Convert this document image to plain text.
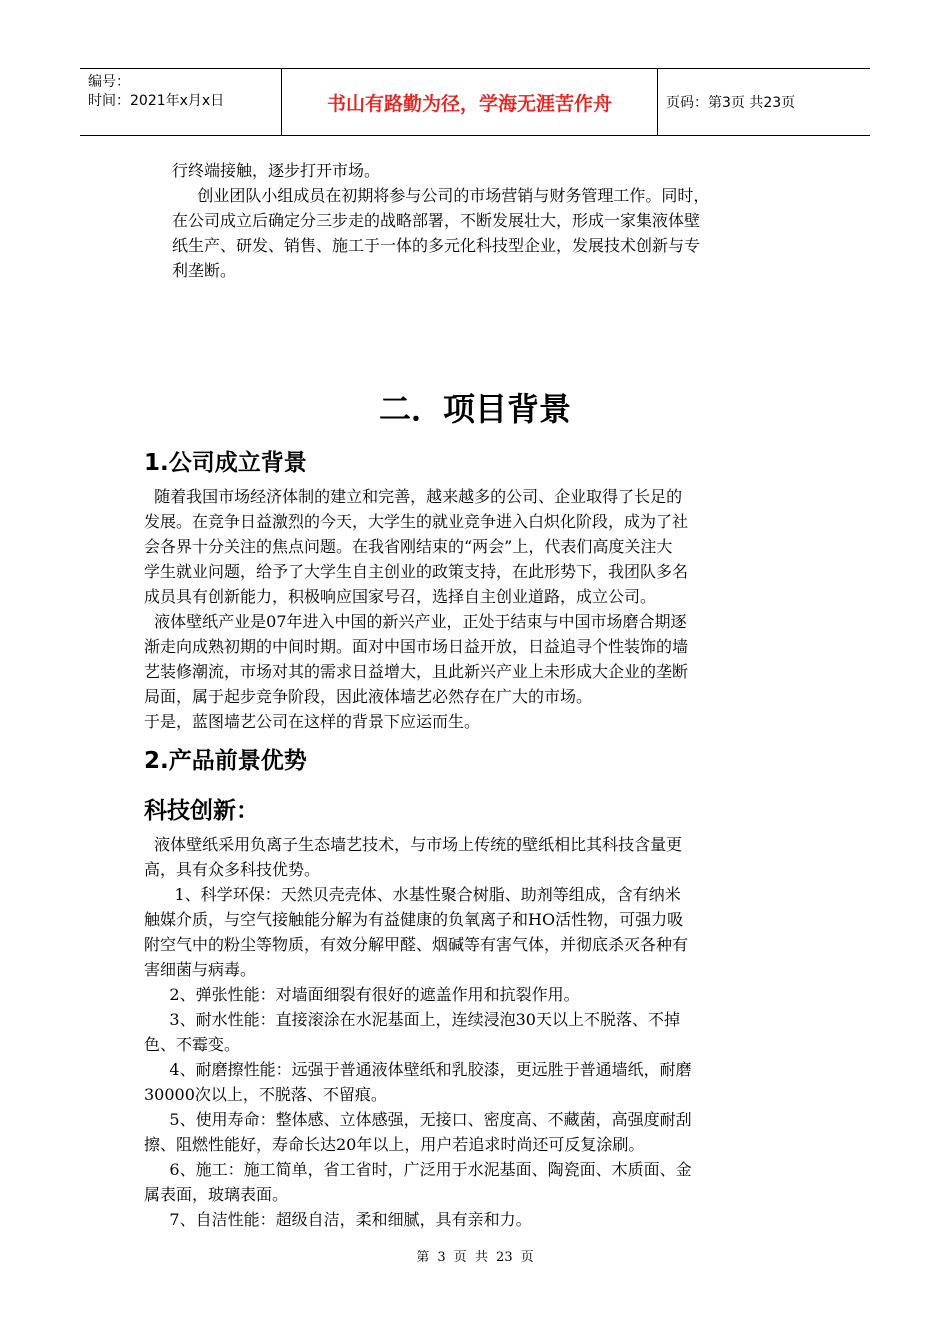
编号：
时间：2021年x月x日	书山有路勤为径，学海无涯苦作舟	页码：第3页 共23页
行终端接触，逐步打开市场。
创业团队小组成员在初期将参与公司的市场营销与财务管理工作。同时，
在公司成立后确定分三步走的战略部署，不断发展壮大，形成一家集液体壁
纸生产、研发、销售、施工于一体的多元化科技型企业，发展技术创新与专
利垄断。
二．项目背景
1.公司成立背景
随着我国市场经济体制的建立和完善，越来越多的公司、企业取得了长足的
发展。在竞争日益激烈的今天，大学生的就业竞争进入白炽化阶段，成为了社
会各界十分关注的焦点问题。在我省刚结束的“两会”上，代表们高度关注大
学生就业问题，给予了大学生自主创业的政策支持，在此形势下，我团队多名
成员具有创新能力，积极响应国家号召，选择自主创业道路，成立公司。
液体壁纸产业是07年进入中国的新兴产业，正处于结束与中国市场磨合期逐
渐走向成熟初期的中间时期。面对中国市场日益开放，日益追寻个性装饰的墙
艺装修潮流，市场对其的需求日益增大，且此新兴产业上未形成大企业的垄断
局面，属于起步竞争阶段，因此液体墙艺必然存在广大的市场。
于是，蓝图墙艺公司在这样的背景下应运而生。
2.产品前景优势
科技创新：
液体壁纸采用负离子生态墙艺技术，与市场上传统的壁纸相比其科技含量更
高，具有众多科技优势。
1、科学环保：天然贝壳壳体、水基性聚合树脂、助剂等组成，含有纳米
触媒介质，与空气接触能分解为有益健康的负氧离子和HO活性物，可强力吸
附空气中的粉尘等物质，有效分解甲醛、烟碱等有害气体，并彻底杀灭各种有
害细菌与病毒。
2、弹张性能：对墙面细裂有很好的遮盖作用和抗裂作用。
3、耐水性能：直接滚涂在水泥基面上，连续浸泡30天以上不脱落、不掉
色、不霉变。
4、耐磨擦性能：远强于普通液体壁纸和乳胶漆，更远胜于普通墙纸，耐磨
30000次以上，不脱落、不留痕。
5、使用寿命：整体感、立体感强，无接口、密度高、不藏菌，高强度耐刮
擦、阻燃性能好，寿命长达20年以上，用户若追求时尚还可反复涂刷。
6、施工：施工简单，省工省时，广泛用于水泥基面、陶瓷面、木质面、金
属表面，玻璃表面。
7、自洁性能：超级自洁，柔和细腻，具有亲和力。
第 3 页 共 23 页
